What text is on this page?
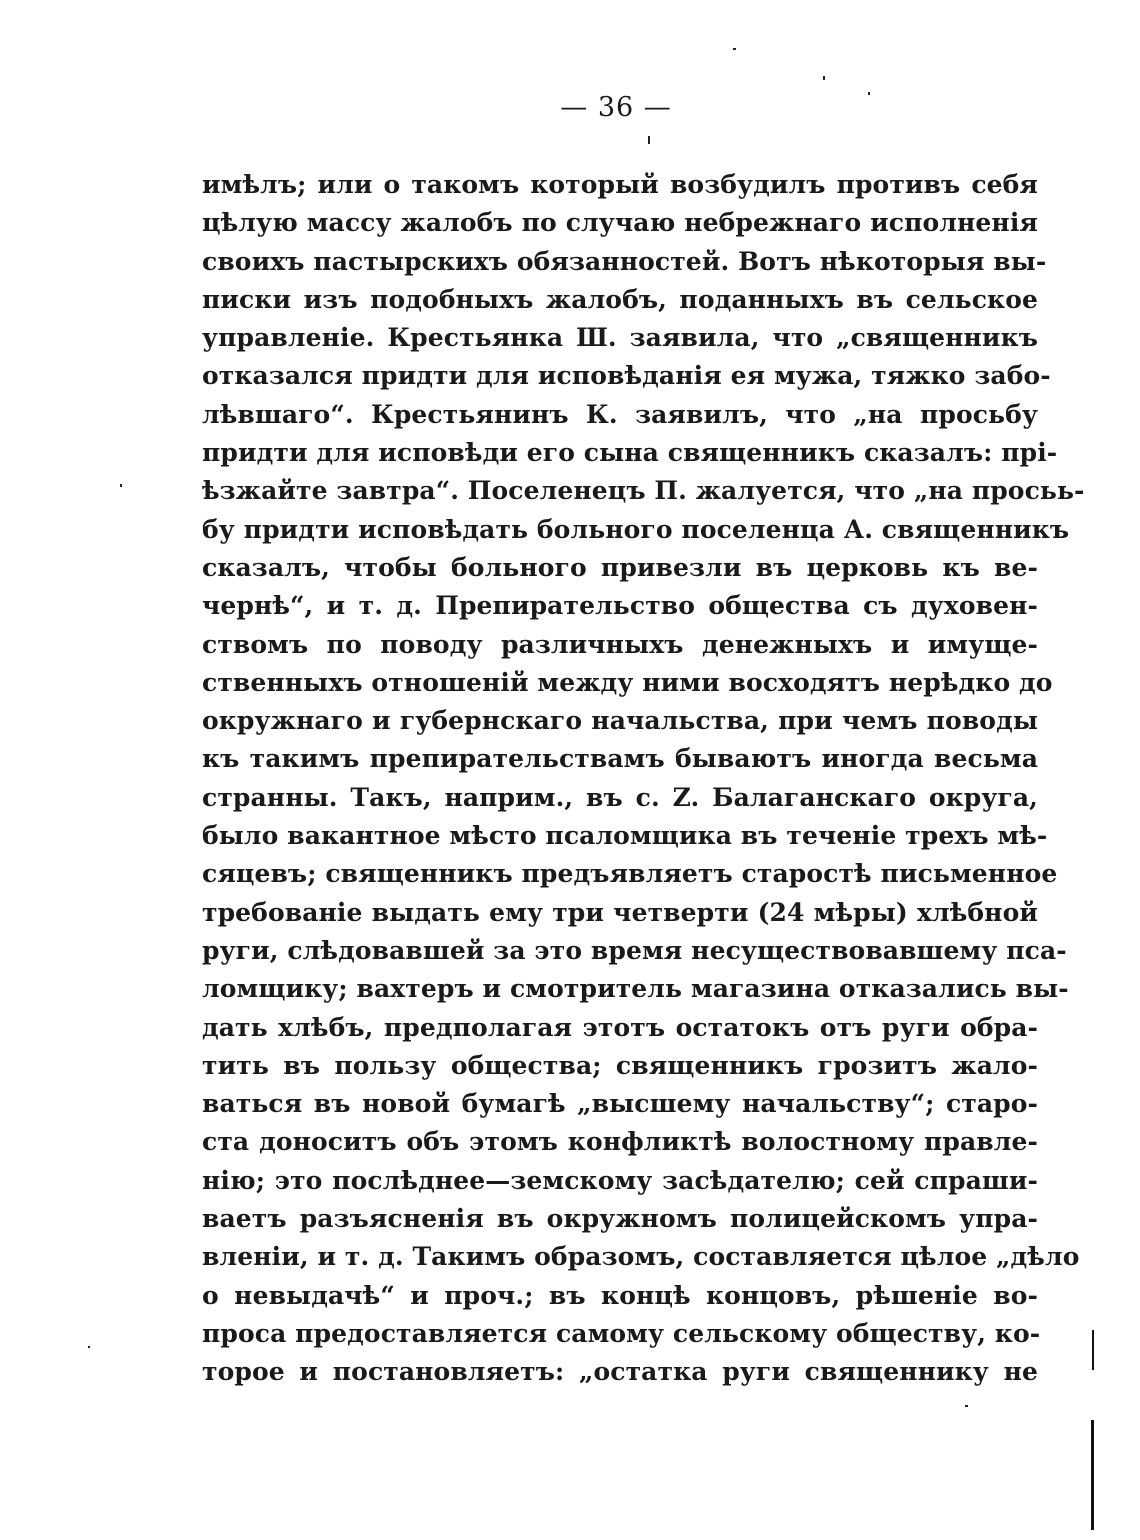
— 36 —
имѣлъ; или о такомъ который возбудилъ противъ себя
цѣлую массу жалобъ по случаю небрежнаго исполненія
своихъ пастырскихъ обязанностей. Вотъ нѣкоторыя вы-
писки изъ подобныхъ жалобъ, поданныхъ въ сельское
управленіе. Крестьянка Ш. заявила, что „священникъ
отказался придти для исповѣданія ея мужа, тяжко забо-
лѣвшаго“. Крестьянинъ К. заявилъ, что „на просьбу
придти для исповѣди его сына священникъ сказалъ: прі-
ѣзжайте завтра“. Поселенецъ П. жалуется, что „на просьь-
бу придти исповѣдать больного поселенца А. священникъ
сказалъ, чтобы больного привезли въ церковь къ ве-
чернѣ“, и т. д. Препирательство общества съ духовен-
ствомъ по поводу различныхъ денежныхъ и имуще-
ственныхъ отношеній между ними восходятъ нерѣдко до
окружнаго и губернскаго начальства, при чемъ поводы
къ такимъ препирательствамъ бываютъ иногда весьма
странны. Такъ, наприм., въ с. Z. Балаганскаго округа,
было вакантное мѣсто псаломщика въ теченіе трехъ мѣ-
сяцевъ; священникъ предъявляетъ старостѣ письменное
требованіе выдать ему три четверти (24 мѣры) хлѣбной
руги, слѣдовавшей за это время несуществовавшему пса-
ломщику; вахтеръ и смотритель магазина отказались вы-
дать хлѣбъ, предполагая этотъ остатокъ отъ руги обра-
тить въ пользу общества; священникъ грозитъ жало-
ваться въ новой бумагѣ „высшему начальству“; старо-
ста доноситъ объ этомъ конфликтѣ волостному правле-
нію; это послѣднее—земскому засѣдателю; сей спраши-
ваетъ разъясненія въ окружномъ полицейскомъ упра-
вленіи, и т. д. Такимъ образомъ, составляется цѣлое „дѣло
о невыдачѣ“ и проч.; въ концѣ концовъ, рѣшеніе во-
проса предоставляется самому сельскому обществу, ко-
торое и постановляетъ: „остатка руги священнику не
